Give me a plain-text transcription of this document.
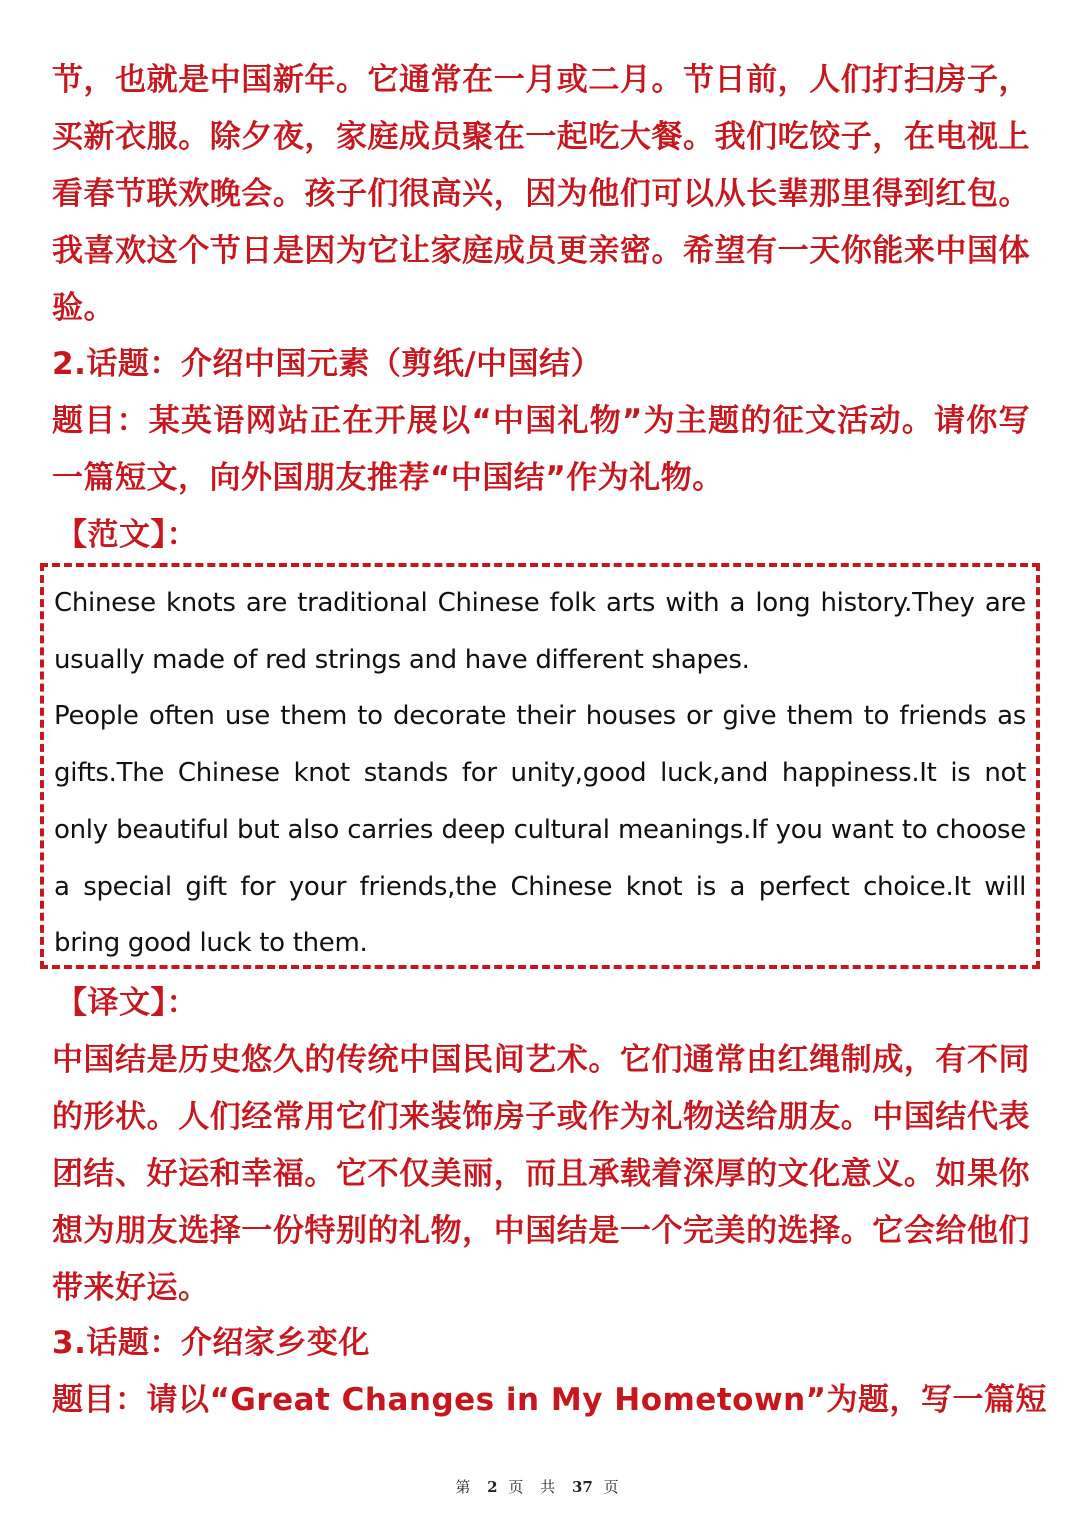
节，也就是中国新年。它通常在一月或二月。节日前，人们打扫房子，买新衣服。除夕夜，家庭成员聚在一起吃大餐。我们吃饺子，在电视上看春节联欢晚会。孩子们很高兴，因为他们可以从长辈那里得到红包。我喜欢这个节日是因为它让家庭成员更亲密。希望有一天你能来中国体验。

2.话题：介绍中国元素（剪纸/中国结）

题目：某英语网站正在开展以“中国礼物”为主题的征文活动。请你写一篇短文，向外国朋友推荐“中国结”作为礼物。

【范文】：

Chinese knots are traditional Chinese folk arts with a long history.They are usually made of red strings and have different shapes.

People often use them to decorate their houses or give them to friends as gifts.The Chinese knot stands for unity,good luck,and happiness.It is not only beautiful but also carries deep cultural meanings.If you want to choose a special gift for your friends,the Chinese knot is a perfect choice.It will bring good luck to them.

【译文】：

中国结是历史悠久的传统中国民间艺术。它们通常由红绳制成，有不同的形状。人们经常用它们来装饰房子或作为礼物送给朋友。中国结代表团结、好运和幸福。它不仅美丽，而且承载着深厚的文化意义。如果你想为朋友选择一份特别的礼物，中国结是一个完美的选择。它会给他们带来好运。

3.话题：介绍家乡变化

题目：请以“Great Changes in My Hometown”为题，写一篇短

第 2 页 共 37 页
